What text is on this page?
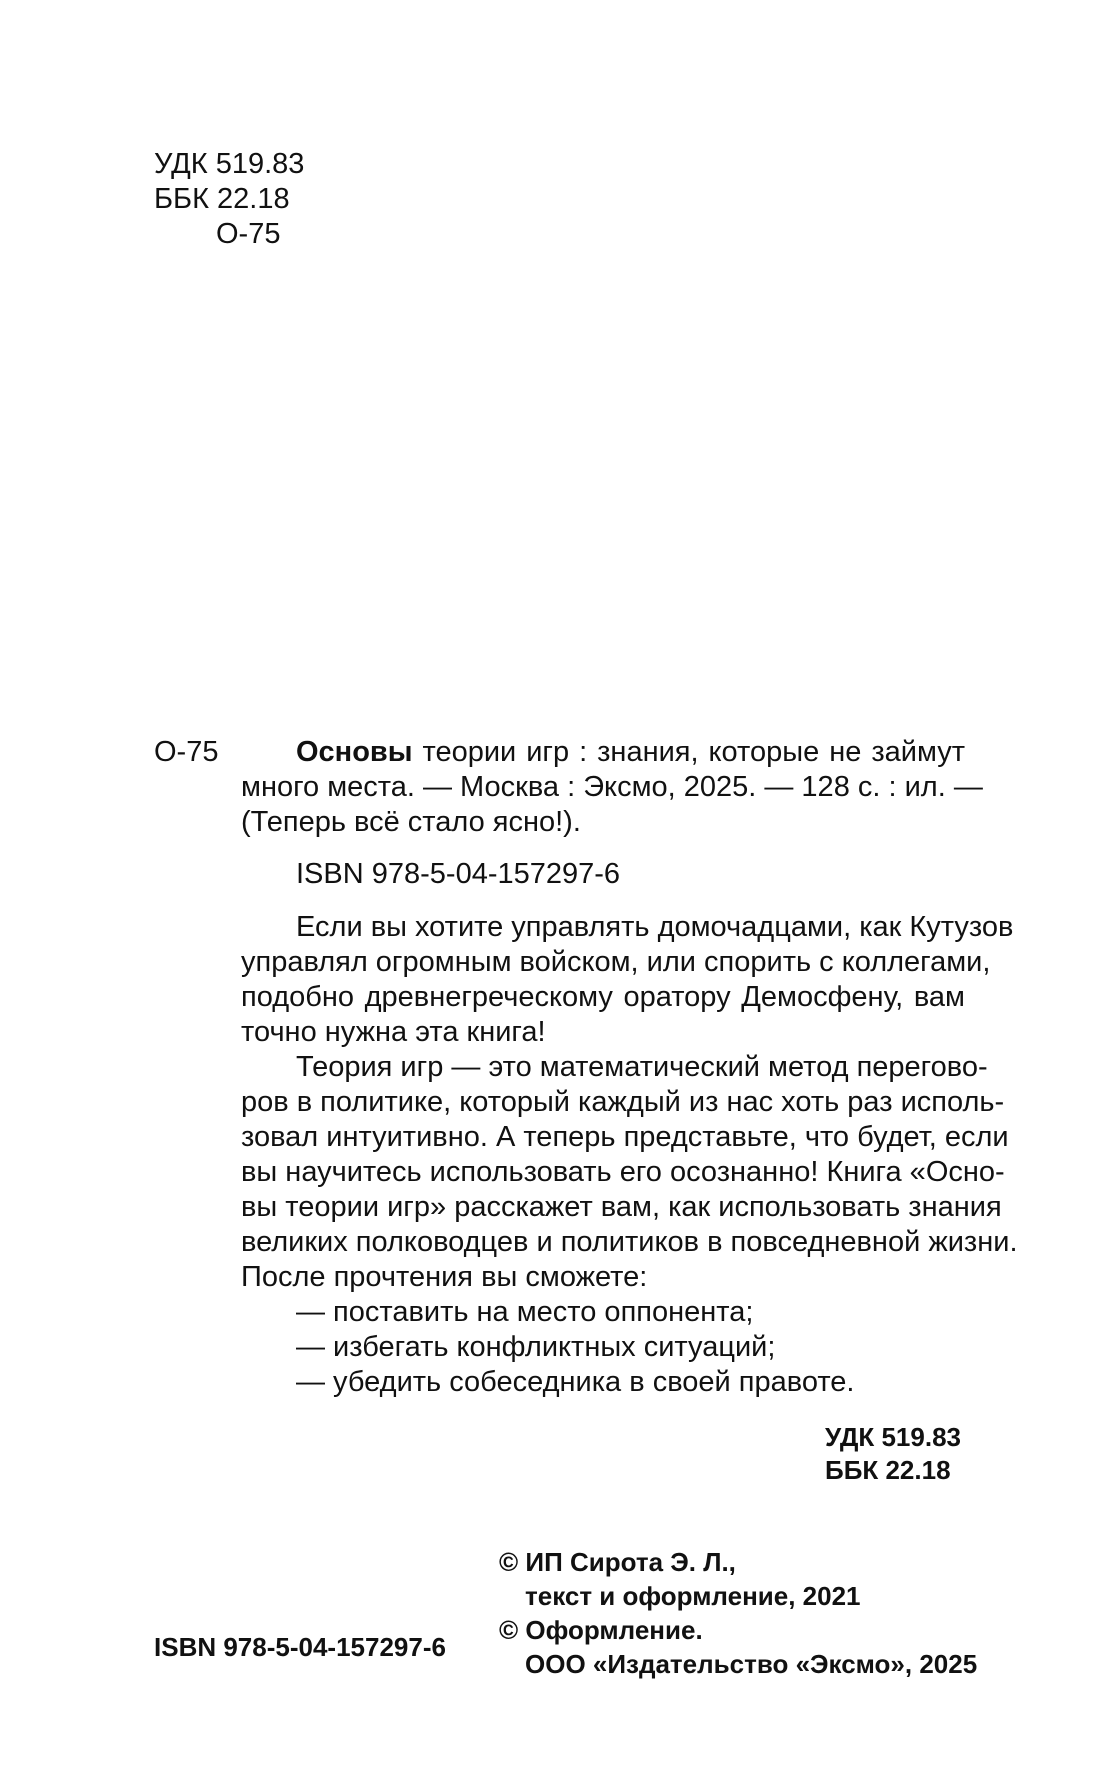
УДК 519.83
ББК 22.18
О-75
О-75	Основы теории игр : знания, которые не займут
много места. — Москва : Эксмо, 2025. — 128 с. : ил. —
(Теперь всё стало ясно!).
ISBN 978-5-04-157297-6
Если вы хотите управлять домочадцами, как Кутузов
управлял огромным войском, или спорить с коллегами,
подобно древнегреческому оратору Демосфену, вам
точно нужна эта книга!
Теория игр — это математический метод перегово-
ров в политике, который каждый из нас хоть раз исполь-
зовал интуитивно. А теперь представьте, что будет, если
вы научитесь использовать его осознанно! Книга «Осно-
вы теории игр» расскажет вам, как использовать знания
великих полководцев и политиков в повседневной жизни.
После прочтения вы сможете:
— поставить на место оппонента;
— избегать конфликтных ситуаций;
— убедить собеседника в своей правоте.
УДК 519.83
ББК 22.18
© ИП Сирота Э. Л.,
текст и оформление, 2021
© Оформление.
ООО «Издательство «Эксмо», 2025
ISBN 978-5-04-157297-6
